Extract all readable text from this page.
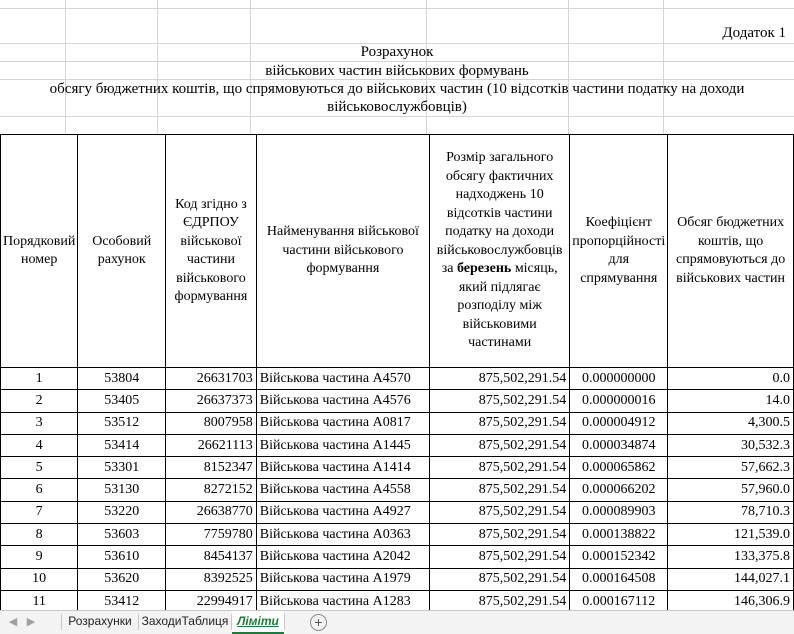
Додаток 1
Розрахунок
військових частин військових формувань
обсягу бюджетних коштів, що спрямовуються до військових частин (10 відсотків частини податку на доходи
військовослужбовців)
Порядковий номер	Особовий рахунок	Код згідно з ЄДРПОУ військової частини військового формування	Найменування військової частини військового формування	Розмір загального обсягу фактичних надходжень 10 відсотків частини податку на доходи військовослужбовців за березень місяць, який підлягає розподілу між військовими частинами	Коефіцієнт пропорційності для спрямування	Обсяг бюджетних коштів, що спрямовуються до військових частин
1	53804	26631703	Військова частина А4570	875,502,291.54	0.000000000	0.0
2	53405	26637373	Військова частина А4576	875,502,291.54	0.000000016	14.0
3	53512	8007958	Військова частина А0817	875,502,291.54	0.000004912	4,300.5
4	53414	26621113	Військова частина А1445	875,502,291.54	0.000034874	30,532.3
5	53301	8152347	Військова частина А1414	875,502,291.54	0.000065862	57,662.3
6	53130	8272152	Військова частина А4558	875,502,291.54	0.000066202	57,960.0
7	53220	26638770	Військова частина А4927	875,502,291.54	0.000089903	78,710.3
8	53603	7759780	Військова частина А0363	875,502,291.54	0.000138822	121,539.0
9	53610	8454137	Військова частина А2042	875,502,291.54	0.000152342	133,375.8
10	53620	8392525	Військова частина А1979	875,502,291.54	0.000164508	144,027.1
11	53412	22994917	Військова частина А1283	875,502,291.54	0.000167112	146,306.9

◀ ▶	Розрахунки ЗаходиТаблиця Ліміти	+
